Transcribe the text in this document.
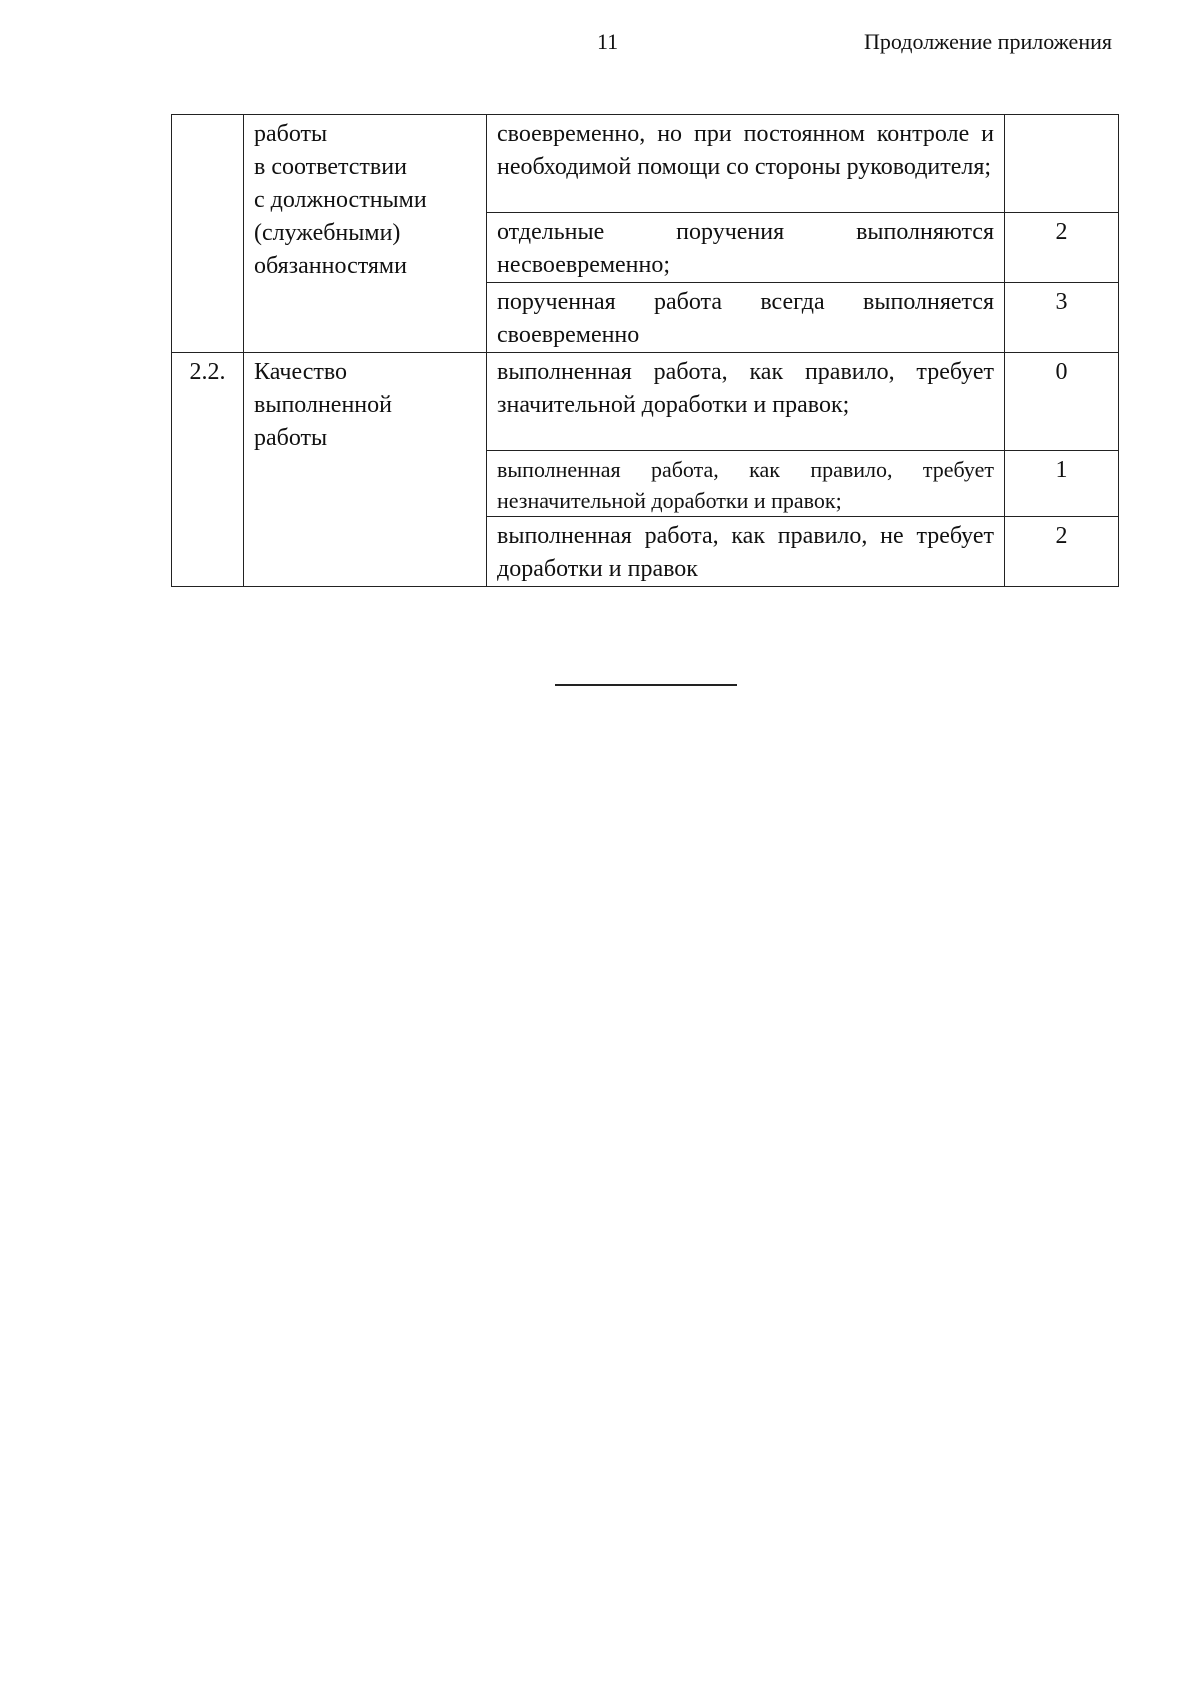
11	Продолжение приложения

	работы
в соответствии
с должностными
(служебными)
обязанностями	своевременно, но при постоянном контроле и необходимой помощи со стороны руководителя;	
		отдельные поручения выполняются несвоевременно;	2
		порученная работа всегда выполняется своевременно	3
2.2.	Качество
выполненной
работы	выполненная работа, как правило, требует значительной доработки и правок;	0
		выполненная работа, как правило, требует незначительной доработки и правок;	1
		выполненная работа, как правило, не требует доработки и правок	2
